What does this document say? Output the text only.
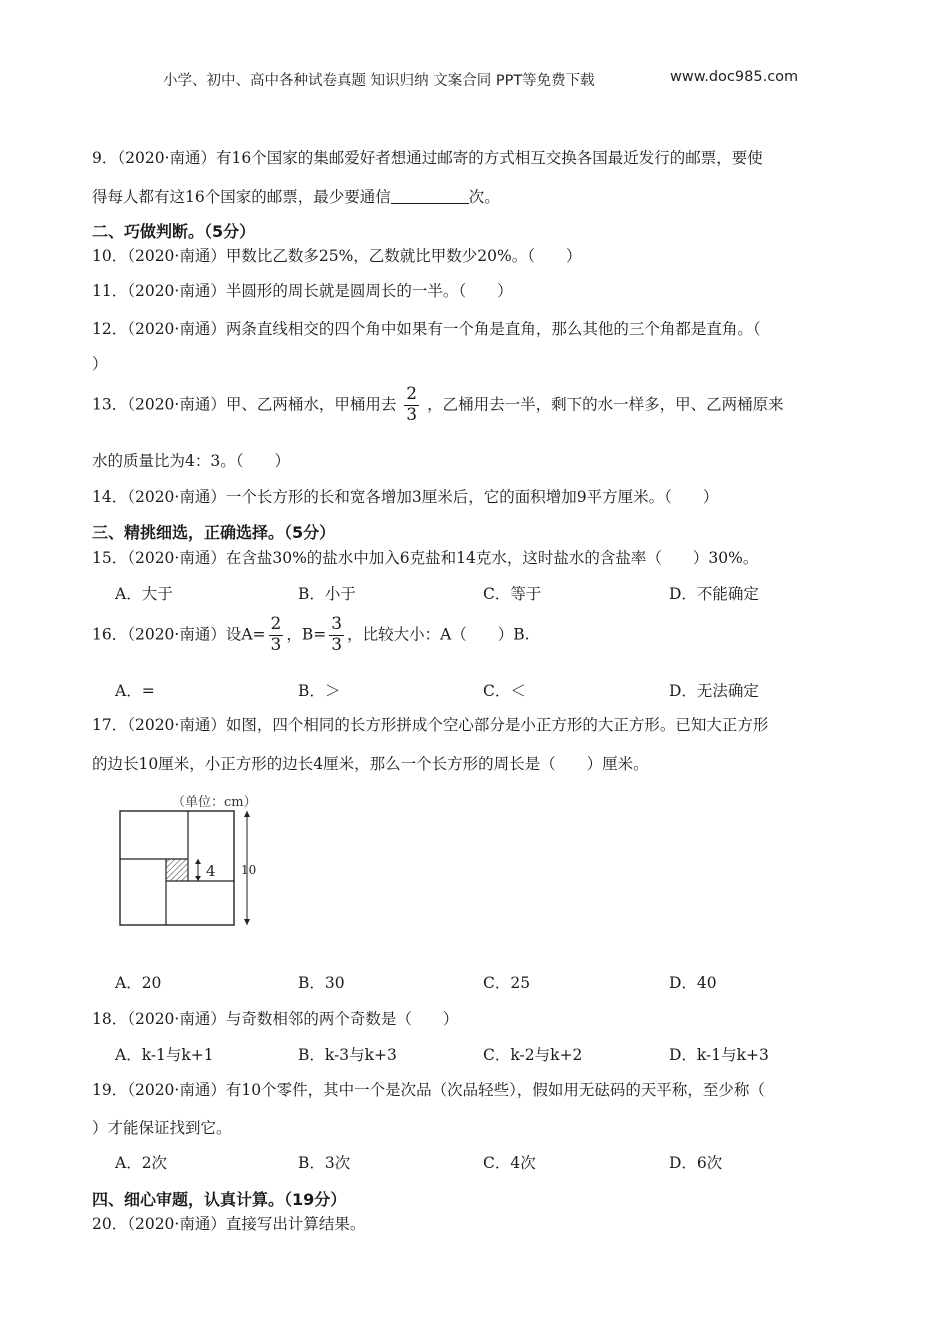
小学、初中、高中各种试卷真题 知识归纳 文案合同 PPT等免费下载	www.doc985.com
9．（2020·南通）有16个国家的集邮爱好者想通过邮寄的方式相互交换各国最近发行的邮票，要使
得每人都有这16个国家的邮票，最少要通信	次。
二、巧做判断。（5分）
10．（2020·南通）甲数比乙数多25%，乙数就比甲数少20%。（　　）
11．（2020·南通）半圆形的周长就是圆周长的一半。（　　）
12．（2020·南通）两条直线相交的四个角中如果有一个角是直角，那么其他的三个角都是直角。（
）
13．（2020·南通）甲、乙两桶水，甲桶用去 $\frac{2}{3}$ ，乙桶用去一半，剩下的水一样多，甲、乙两桶原来
水的质量比为4：3。（　　）
14．（2020·南通）一个长方形的长和宽各增加3厘米后，它的面积增加9平方厘米。（　　）
三、精挑细选，正确选择。（5分）
15．（2020·南通）在含盐30%的盐水中加入6克盐和14克水，这时盐水的含盐率（　　）30%。
A．大于	B．小于	C．等于	D．不能确定
16．（2020·南通）设$A= \frac{2}{3}$ ，$B= \frac{3}{3}$ ，比较大小：A（　　）B.
A．=	B．＞	C．＜	D．无法确定
17．（2020·南通）如图，四个相同的长方形拼成个空心部分是小正方形的大正方形。已知大正方形
的边长10厘米，小正方形的边长4厘米，那么一个长方形的周长是（　　）厘米。
（单位：cm）
4 10
A．20	B．30	C．25	D．40
18．（2020·南通）与奇数相邻的两个奇数是（　　）
A．k-1与k+1	B．k-3与k+3	C．k-2与k+2	D．k-1与k+3
19．（2020·南通）有10个零件，其中一个是次品（次品轻些），假如用无砝码的天平称，至少称（
）才能保证找到它。
A．2次	B．3次	C．4次	D．6次
四、细心审题，认真计算。（19分）
20．（2020·南通）直接写出计算结果。
